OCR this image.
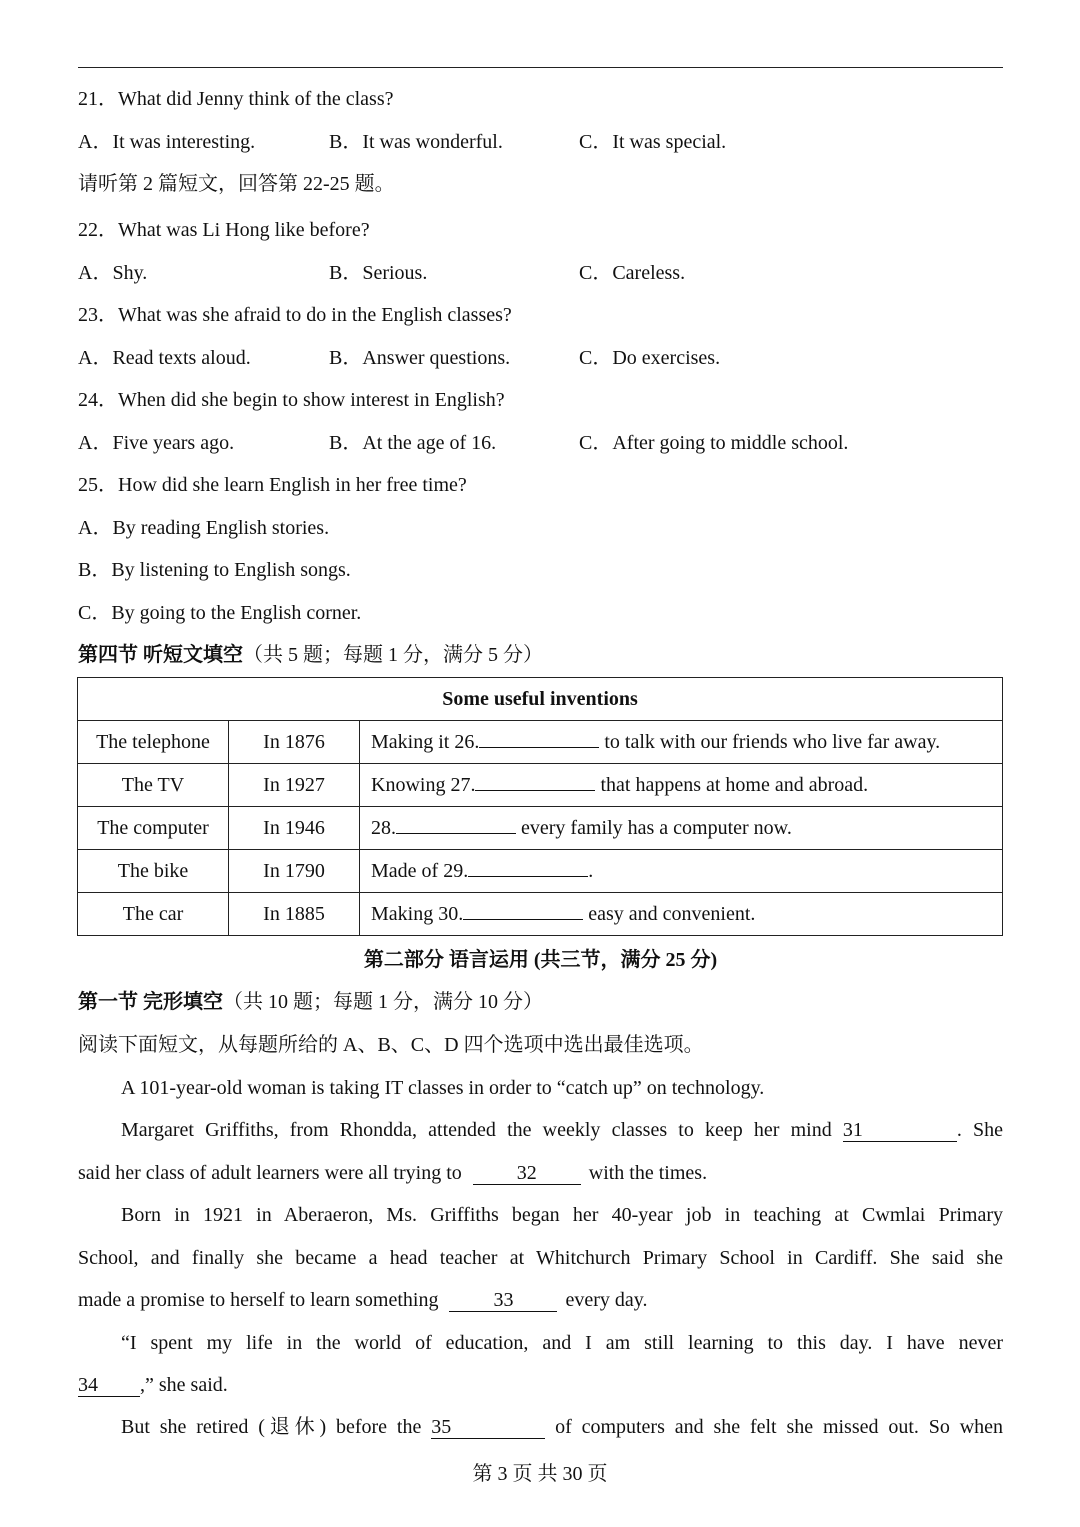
21．What did Jenny think of the class?
A．It was interesting.	B．It was wonderful.	C．It was special.
请听第 2 篇短文，回答第 22-25 题。
22．What was Li Hong like before?
A．Shy.	B．Serious.	C．Careless.
23．What was she afraid to do in the English classes?
A．Read texts aloud.	B．Answer questions.	C．Do exercises.
24．When did she begin to show interest in English?
A．Five years ago.	B．At the age of 16.	C．After going to middle school.
25．How did she learn English in her free time?
A．By reading English stories.
B．By listening to English songs.
C．By going to the English corner.
第四节 听短文填空（共 5 题；每题 1 分，满分 5 分）
Some useful inventions		
The telephone	In 1876	Making it 26. to talk with our friends who live far away.
The TV	In 1927	Knowing 27. that happens at home and abroad.
The computer	In 1946	28. every family has a computer now.
The bike	In 1790	Made of 29. .
The car	In 1885	Making 30. easy and convenient.
第二部分 语言运用 (共三节，满分 25 分)
第一节 完形填空（共 10 题；每题 1 分，满分 10 分）
阅读下面短文，从每题所给的 A、B、C、D 四个选项中选出最佳选项。
A 101-year-old woman is taking IT classes in order to “catch up” on technology.
Margaret Griffiths, from Rhondda, attended the weekly classes to keep her mind 31	. She
said her class of adult learners were all trying to	32	with the times.
Born in 1921 in Aberaeron, Ms. Griffiths began her 40-year job in teaching at Cwmlai Primary
School, and finally she became a head teacher at Whitchurch Primary School in Cardiff. She said she
made a promise to herself to learn something	33	every day.
“I spent my life in the world of education, and I am still learning to this day. I have never
34 ,” she said.
But she retired (退休) before the 35	of computers and she felt she missed out. So when
第 3 页 共 30 页
